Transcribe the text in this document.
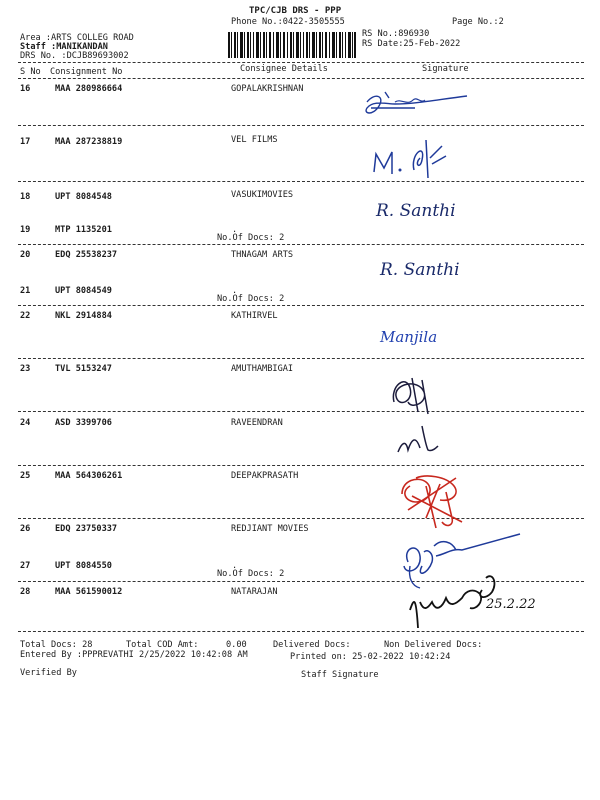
TPC/CJB DRS - PPP
Phone No.:0422-3505555	Page No.:2
RS No.:896930
RS Date:25-Feb-2022
Area :ARTS COLLEG ROAD
Staff :MANIKANDAN
DRS No. :DCJB89693002
S No Consignment No	Consignee Details	Signature
16	MAA 280986664	GOPALAKRISHNAN
17	MAA 287238819	VEL FILMS
18	UPT 8084548	VASUKIMOVIES
19	MTP 1135201	.
No.Of Docs: 2
20	EDQ 25538237	THNAGAM ARTS
21	UPT 8084549	.
No.Of Docs: 2
22	NKL 2914884	KATHIRVEL
23	TVL 5153247	AMUTHAMBIGAI
24	ASD 3399706	RAVEENDRAN
25	MAA 564306261	DEEPAKPRASATH
26	EDQ 23750337	REDJIANT MOVIES
27	UPT 8084550	.
No.Of Docs: 2
28	MAA 561590012	NATARAJAN
R. Santhi
R. Santhi
Manjila
25.2.22
Total Docs: 28	Total COD Amt:	0.00	Delivered Docs:	Non Delivered Docs:
Entered By :PPPREVATHI 2/25/2022 10:42:08 AM	Printed on: 25-02-2022 10:42:24
Verified By	Staff Signature
